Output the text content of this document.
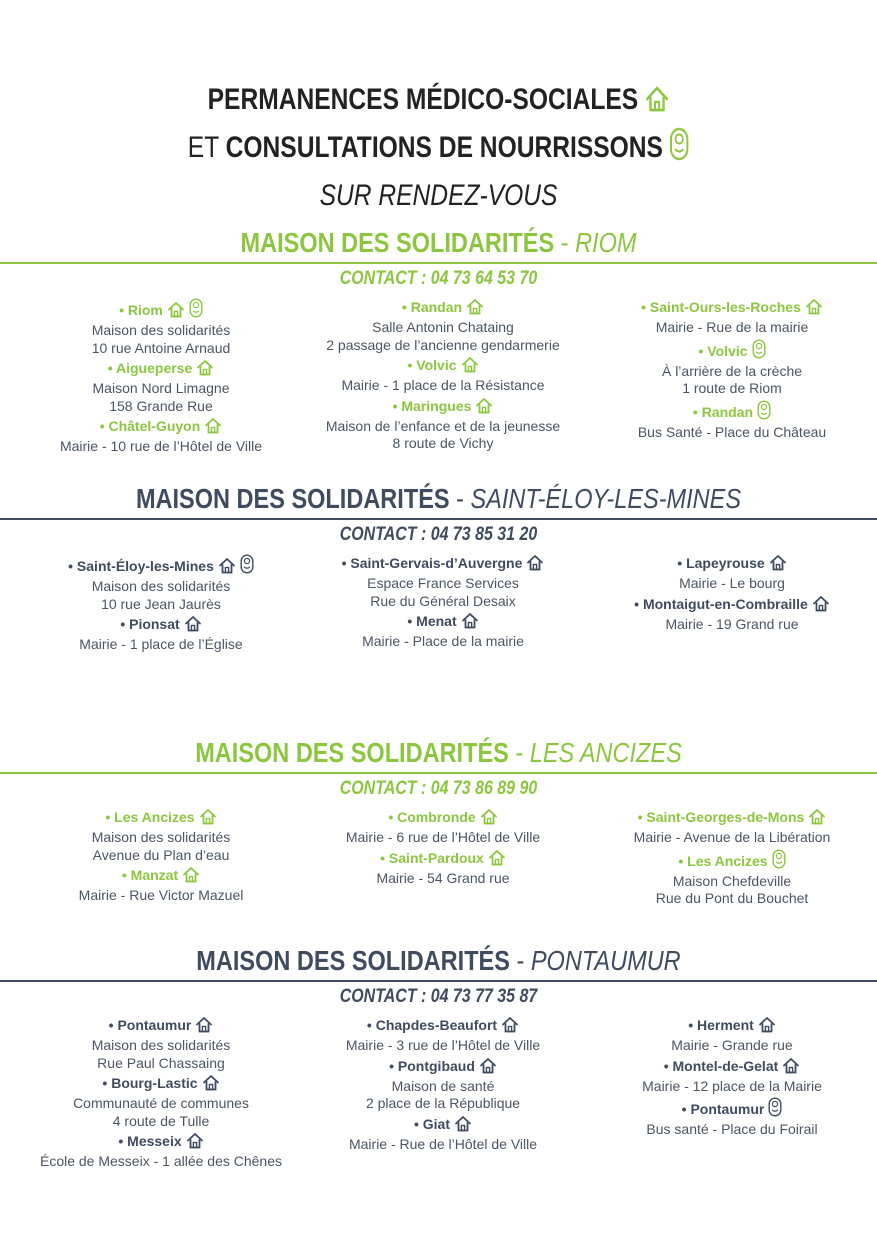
PERMANENCES MÉDICO-SOCIALES
ET CONSULTATIONS DE NOURRISSONS
SUR RENDEZ-VOUS
MAISON DES SOLIDARITÉS - RIOM
CONTACT : 04 73 64 53 70
• Riom
Maison des solidarités
10 rue Antoine Arnaud
• Aigueperse
Maison Nord Limagne
158 Grande Rue
• Châtel-Guyon
Mairie - 10 rue de l’Hôtel de Ville
• Randan
Salle Antonin Chataing
2 passage de l’ancienne gendarmerie
• Volvic
Mairie - 1 place de la Résistance
• Maringues
Maison de l’enfance et de la jeunesse
8 route de Vichy
• Saint-Ours-les-Roches
Mairie - Rue de la mairie
• Volvic
À l’arrière de la crèche
1 route de Riom
• Randan
Bus Santé - Place du Château
MAISON DES SOLIDARITÉS - SAINT-ÉLOY-LES-MINES
CONTACT : 04 73 85 31 20
• Saint-Éloy-les-Mines
Maison des solidarités
10 rue Jean Jaurès
• Pionsat
Mairie - 1 place de l’Église
• Saint-Gervais-d’Auvergne
Espace France Services
Rue du Général Desaix
• Menat
Mairie - Place de la mairie
• Lapeyrouse
Mairie - Le bourg
• Montaigut-en-Combraille
Mairie - 19 Grand rue
MAISON DES SOLIDARITÉS - LES ANCIZES
CONTACT : 04 73 86 89 90
• Les Ancizes
Maison des solidarités
Avenue du Plan d’eau
• Manzat
Mairie - Rue Victor Mazuel
• Combronde
Mairie - 6 rue de l’Hôtel de Ville
• Saint-Pardoux
Mairie - 54 Grand rue
• Saint-Georges-de-Mons
Mairie - Avenue de la Libération
• Les Ancizes
Maison Chefdeville
Rue du Pont du Bouchet
MAISON DES SOLIDARITÉS - PONTAUMUR
CONTACT : 04 73 77 35 87
• Pontaumur
Maison des solidarités
Rue Paul Chassaing
• Bourg-Lastic
Communauté de communes
4 route de Tulle
• Messeix
École de Messeix - 1 allée des Chênes
• Chapdes-Beaufort
Mairie - 3 rue de l’Hôtel de Ville
• Pontgibaud
Maison de santé
2 place de la République
• Giat
Mairie - Rue de l’Hôtel de Ville
• Herment
Mairie - Grande rue
• Montel-de-Gelat
Mairie - 12 place de la Mairie
• Pontaumur
Bus santé - Place du Foirail
